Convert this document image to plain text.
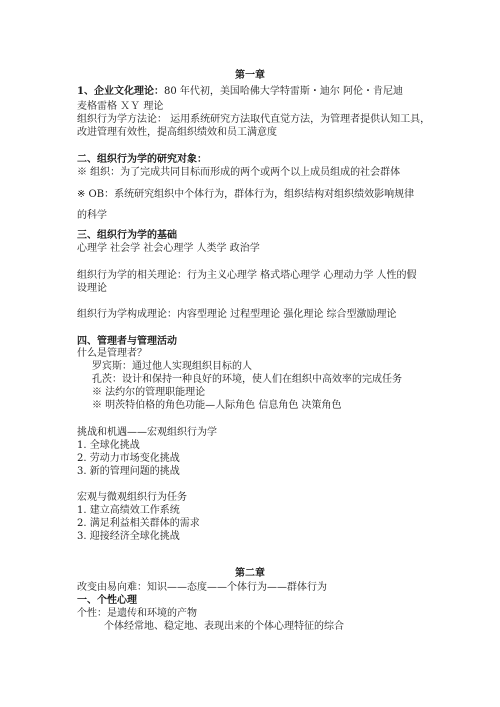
第一章
1、企业文化理论：80 年代初，美国哈佛大学特雷斯・迪尔 阿伦・肯尼迪
麦格雷格 ＸＹ 理论
组织行为学方法论： 运用系统研究方法取代直觉方法，为管理者提供认知工具，
改进管理有效性，提高组织绩效和员工满意度
二、组织行为学的研究对象：
※ 组织：为了完成共同目标而形成的两个或两个以上成员组成的社会群体
※ OB：系统研究组织中个体行为，群体行为，组织结构对组织绩效影响规律
的科学
三、组织行为学的基础
心理学 社会学 社会心理学 人类学 政治学
组织行为学的相关理论：行为主义心理学 格式塔心理学 心理动力学 人性的假
设理论
组织行为学构成理论：内容型理论 过程型理论 强化理论 综合型激励理论
四、管理者与管理活动
什么是管理者？
罗宾斯：通过他人实现组织目标的人
孔茨：设计和保持一种良好的环境，使人们在组织中高效率的完成任务
※ 法约尔的管理职能理论
※ 明茨特伯格的角色功能—人际角色 信息角色 决策角色
挑战和机遇——宏观组织行为学
1. 全球化挑战
2. 劳动力市场变化挑战
3. 新的管理问题的挑战
宏观与微观组织行为任务
1. 建立高绩效工作系统
2. 满足利益相关群体的需求
3. 迎接经济全球化挑战
第二章
改变由易向难：知识——态度——个体行为——群体行为
一、个性心理
个性：是遗传和环境的产物
个体经常地、稳定地、表现出来的个体心理特征的综合
